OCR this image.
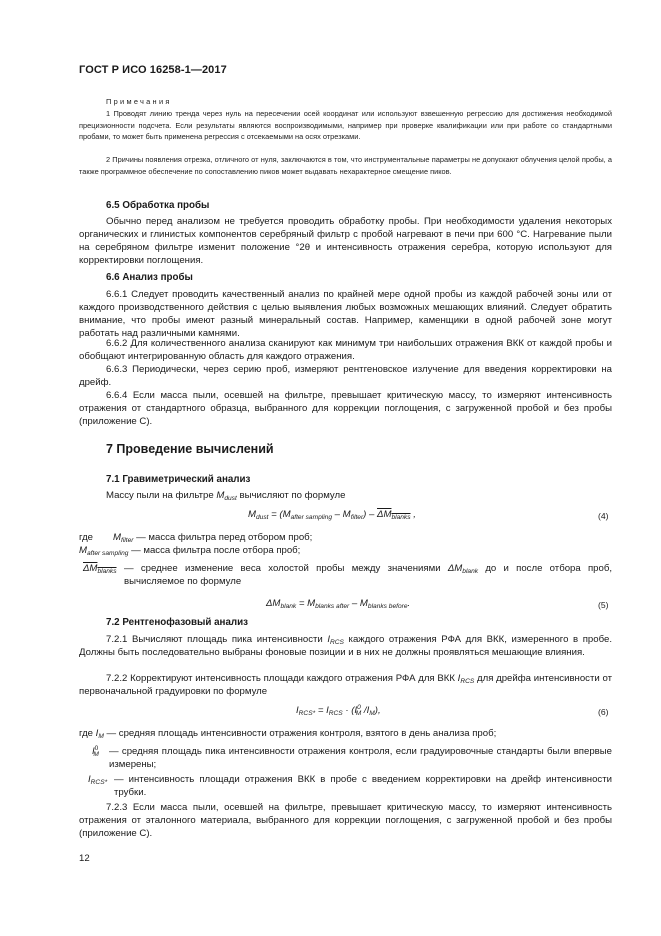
ГОСТ Р ИСО 16258-1—2017
Примечания
1 Проводят линию тренда через нуль на пересечении осей координат или используют взвешенную регрессию для достижения необходимой прецизионности подсчета. Если результаты являются воспроизводимыми, например при проверке квалификации или при работе со стандартными пробами, то может быть применена регрессия с отсекаемыми на осях отрезками.
2 Причины появления отрезка, отличного от нуля, заключаются в том, что инструментальные параметры не допускают облучения целой пробы, а также программное обеспечение по сопоставлению пиков может выдавать нехарактерное смещение пиков.
6.5 Обработка пробы
Обычно перед анализом не требуется проводить обработку пробы. При необходимости удаления некоторых органических и глинистых компонентов серебряный фильтр с пробой нагревают в печи при 600 °C. Нагревание пыли на серебряном фильтре изменит положение °2θ и интенсивность отражения серебра, которую используют для корректировки поглощения.
6.6 Анализ пробы
6.6.1 Следует проводить качественный анализ по крайней мере одной пробы из каждой рабочей зоны или от каждого производственного действия с целью выявления любых возможных мешающих влияний. Следует обратить внимание, что пробы имеют разный минеральный состав. Например, каменщики в одной рабочей зоне могут работать над различными камнями.
6.6.2 Для количественного анализа сканируют как минимум три наибольших отражения ВКК от каждой пробы и обобщают интегрированную область для каждого отражения.
6.6.3 Периодически, через серию проб, измеряют рентгеновское излучение для введения корректировки на дрейф.
6.6.4 Если масса пыли, осевшей на фильтре, превышает критическую массу, то измеряют интенсивность отражения от стандартного образца, выбранного для коррекции поглощения, с загруженной пробой и без пробы (приложение С).
7 Проведение вычислений
7.1 Гравиметрический анализ
Массу пыли на фильтре $M_{dust}$ вычисляют по формуле
$M_{dust} = (M_{after sampling} - M_{filter}) - \Delta M_{blanks}$ ,	(4)
где $M_{filter}$ — масса фильтра перед отбором проб;
$M_{after sampling}$ — масса фильтра после отбора проб;
$\Delta M_{blanks}$ — среднее изменение веса холостой пробы между значениями $\Delta M_{blank}$ до и после отбора проб, вычисляемое по формуле
$\Delta M_{blank} = M_{blanks after} - M_{blanks before}$.	(5)
7.2 Рентгенофазовый анализ
7.2.1 Вычисляют площадь пика интенсивности $I_{RCS}$ каждого отражения РФА для ВКК, измеренного в пробе. Должны быть последовательно выбраны фоновые позиции и в них не должны проявляться мешающие влияния.
7.2.2 Корректируют интенсивность площади каждого отражения РФА для ВКК $I_{RCS}$ для дрейфа интенсивности от первоначальной градуировки по формуле
$I_{RCS*} = I_{RCS} \cdot (I^0_M$ $/I_M$),	(6)
где $I_M$ — средняя площадь интенсивности отражения контроля, взятого в день анализа проб;
$I^0_M$ — средняя площадь пика интенсивности отражения контроля, если градуировочные стандарты были впервые измерены;
$I_{RCS*}$ — интенсивность площади отражения ВКК в пробе с введением корректировки на дрейф интенсивности трубки.
7.2.3 Если масса пыли, осевшей на фильтре, превышает критическую массу, то измеряют интенсивность отражения от эталонного материала, выбранного для коррекции поглощения, с загруженной пробой и без пробы (приложение С).
12
